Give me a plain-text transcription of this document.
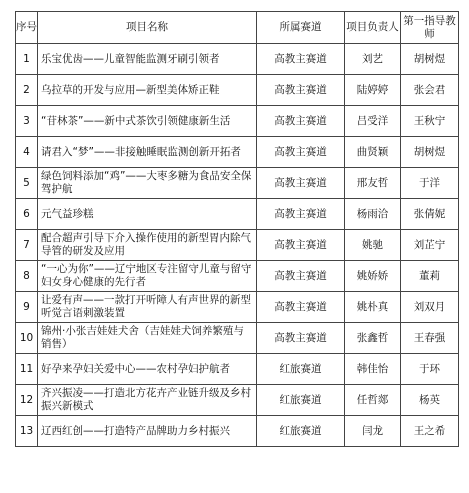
序号	项目名称	所属赛道	项目负责人	第一指导教师
1	乐宝优齿——儿童智能监测牙刷引领者	高教主赛道	刘艺	胡树煜
2	乌拉草的开发与应用—新型美体矫正鞋	高教主赛道	陆婷婷	张会君
3	“苷林茶”——新中式茶饮引领健康新生活	高教主赛道	吕受洋	王秋宁
4	请君入“梦”——非接触睡眠监测创新开拓者	高教主赛道	曲贤颖	胡树煜
5	绿色饲料添加“鸡”——大枣多糖为食品安全保驾护航	高教主赛道	邢友哲	于洋
6	元气益珍糕	高教主赛道	杨雨洽	张倩妮
7	配合超声引导下介入操作使用的新型胃内除气导管的研发及应用	高教主赛道	姚驰	刘芷宁
8	“一心为你”——辽宁地区专注留守儿童与留守妇女身心健康的先行者	高教主赛道	姚娇娇	董莉
9	让爱有声——一款打开听障人有声世界的新型听觉言语刺激装置	高教主赛道	姚朴真	刘双月
10	锦州·小张吉娃娃犬舍（吉娃娃犬饲养繁殖与销售）	高教主赛道	张鑫哲	王春强
11	好孕来孕妇关爱中心——农村孕妇护航者	红旅赛道	韩佳怡	于环
12	齐兴振凌——打造北方花卉产业链升级及乡村振兴新模式	红旅赛道	任哲郯	杨英
13	辽西红创——打造特产品牌助力乡村振兴	红旅赛道	闫龙	王之希
